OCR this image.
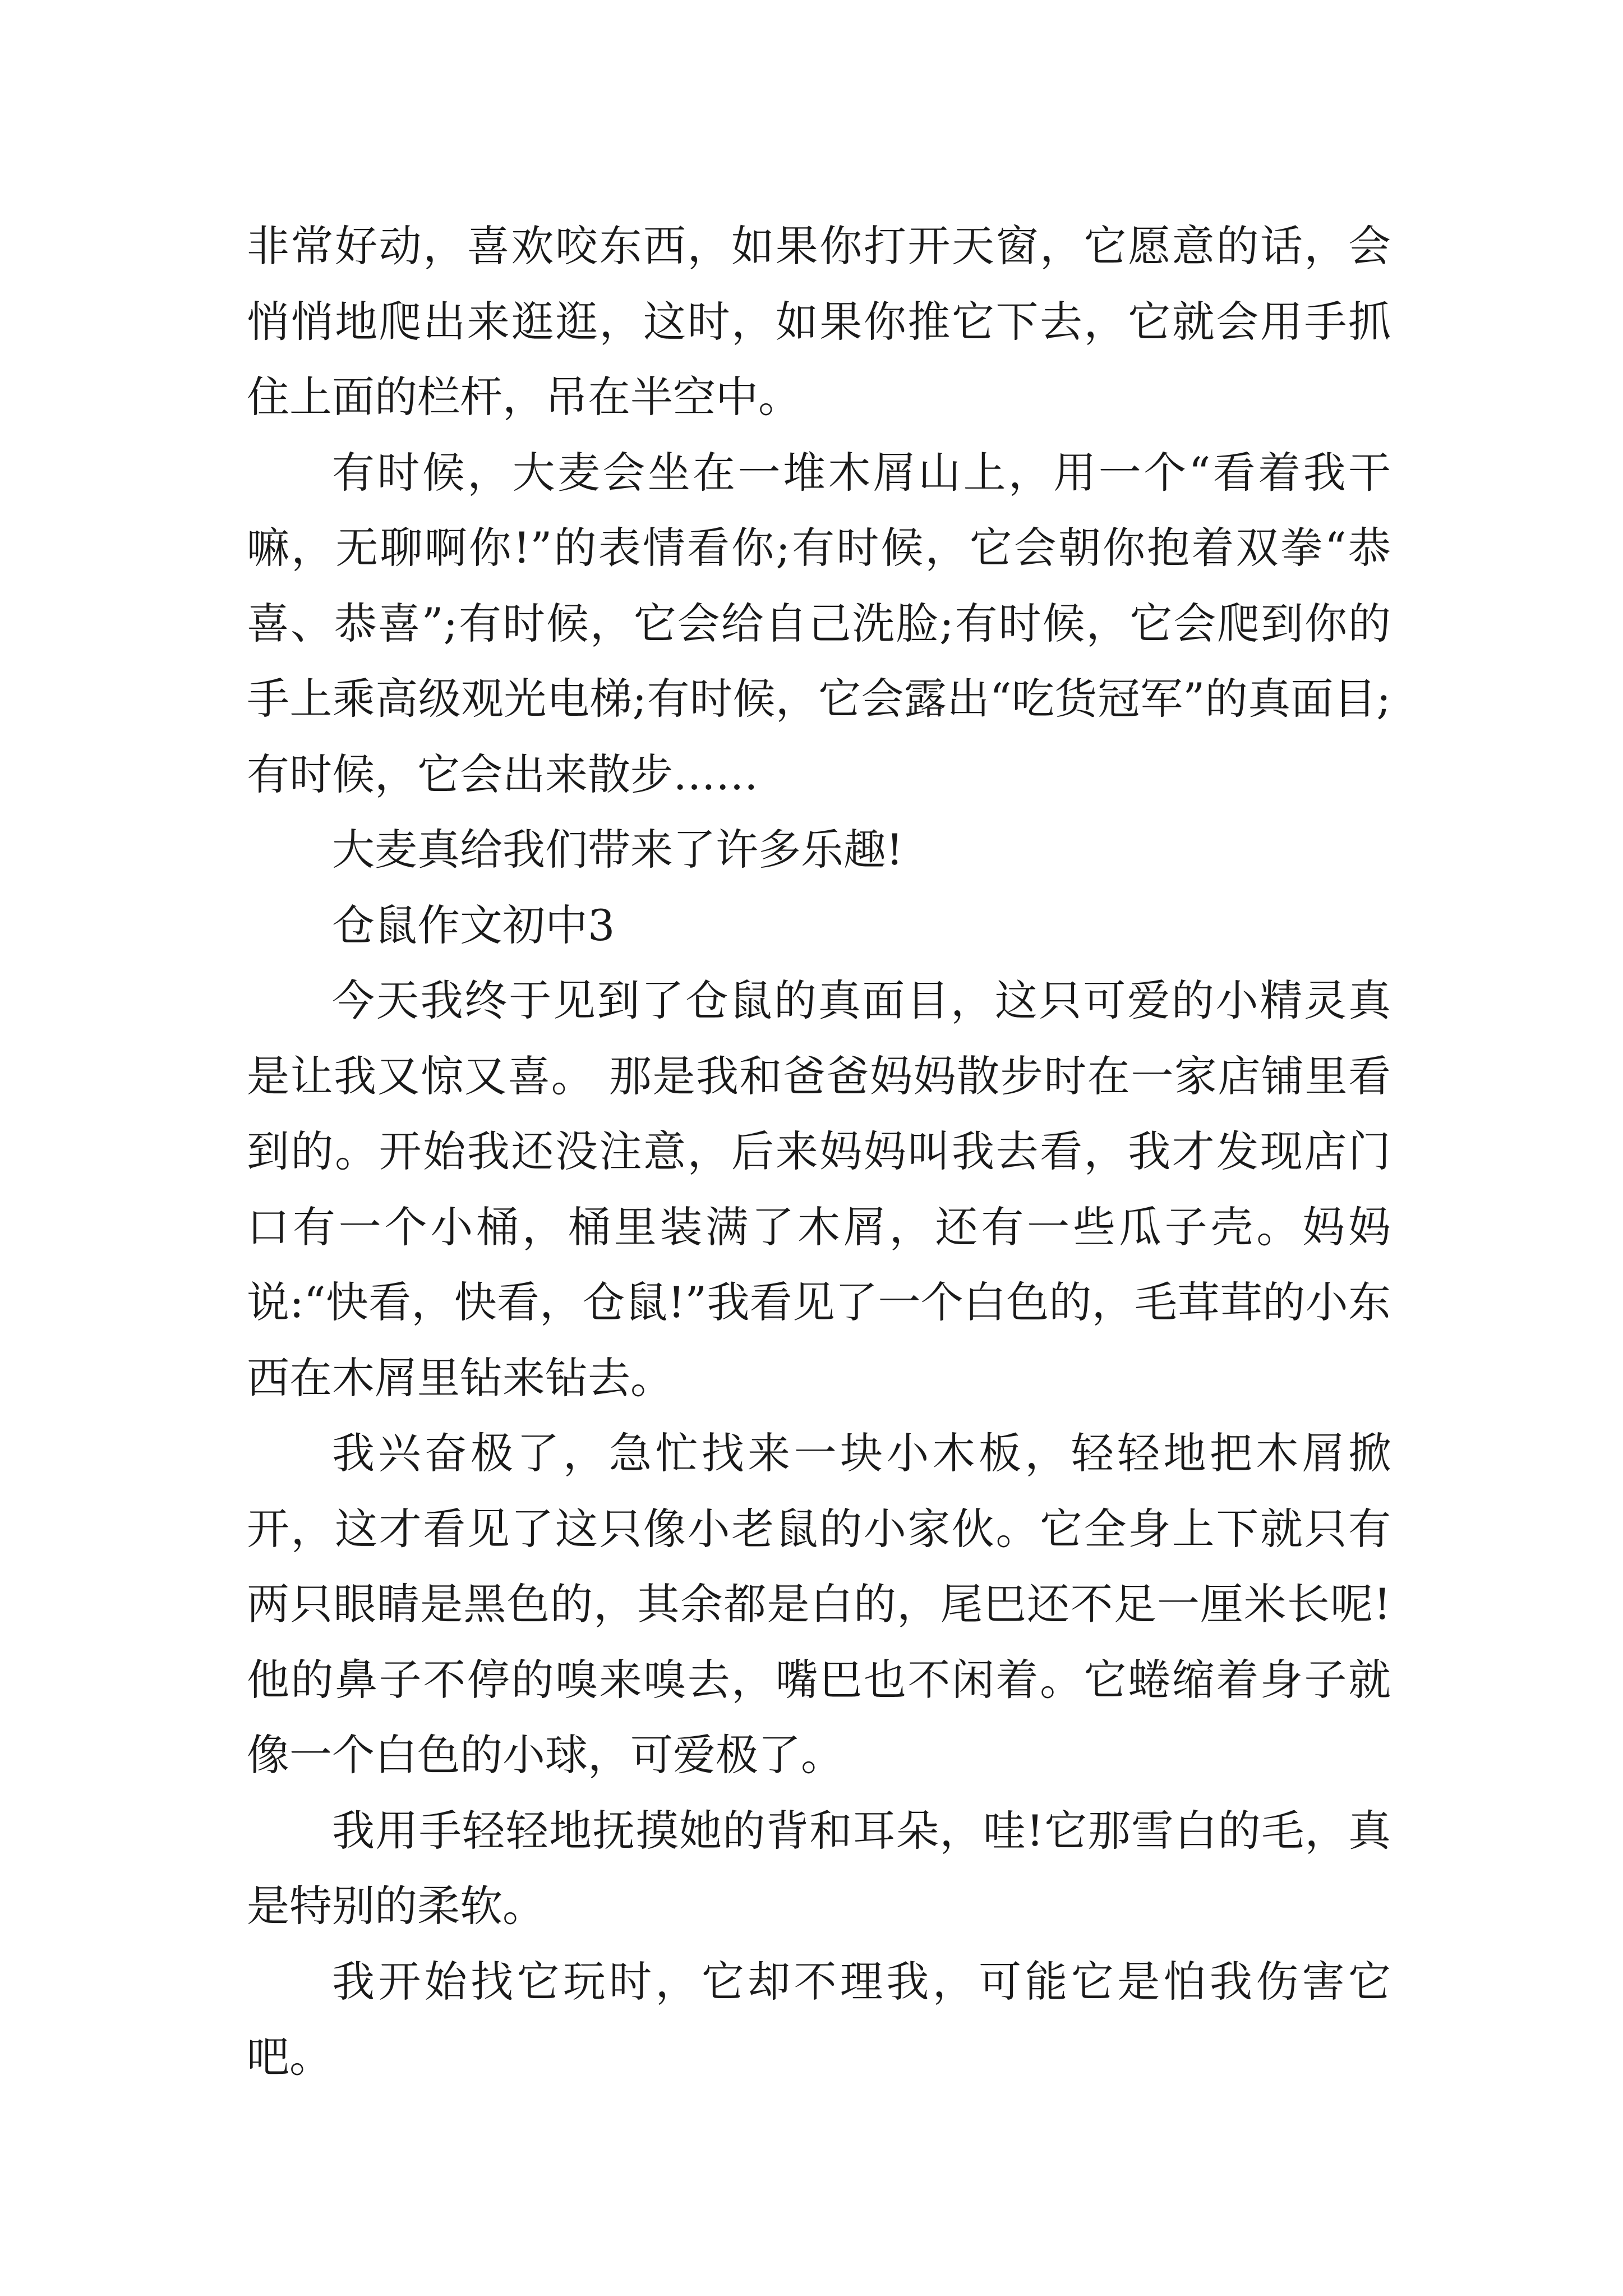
非常好动，喜欢咬东西，如果你打开天窗，它愿意的话，会悄悄地爬出来逛逛，这时，如果你推它下去，它就会用手抓住上面的栏杆，吊在半空中。

有时候，大麦会坐在一堆木屑山上，用一个“看着我干嘛，无聊啊你!”的表情看你;有时候，它会朝你抱着双拳“恭喜、恭喜”;有时候，它会给自己洗脸;有时候，它会爬到你的手上乘高级观光电梯;有时候，它会露出“吃货冠军”的真面目;有时候，它会出来散步……

大麦真给我们带来了许多乐趣!

仓鼠作文初中3

今天我终于见到了仓鼠的真面目，这只可爱的小精灵真是让我又惊又喜。 那是我和爸爸妈妈散步时在一家店铺里看到的。开始我还没注意，后来妈妈叫我去看，我才发现店门口有一个小桶，桶里装满了木屑，还有一些瓜子壳。妈妈说:“快看，快看，仓鼠!”我看见了一个白色的，毛茸茸的小东西在木屑里钻来钻去。

我兴奋极了，急忙找来一块小木板，轻轻地把木屑掀开，这才看见了这只像小老鼠的小家伙。它全身上下就只有两只眼睛是黑色的，其余都是白的，尾巴还不足一厘米长呢!他的鼻子不停的嗅来嗅去，嘴巴也不闲着。它蜷缩着身子就像一个白色的小球，可爱极了。

我用手轻轻地抚摸她的背和耳朵，哇!它那雪白的毛，真是特别的柔软。

我开始找它玩时，它却不理我，可能它是怕我伤害它吧。
